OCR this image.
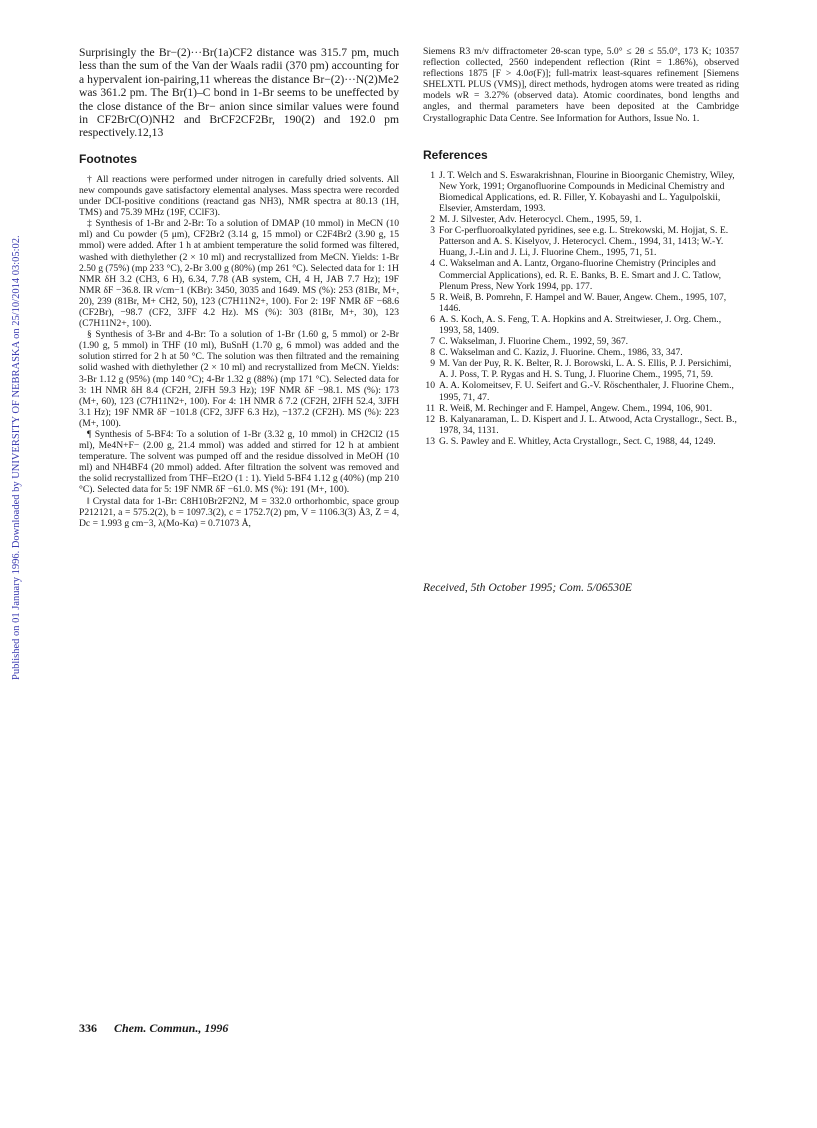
Published on 01 January 1996. Downloaded by UNIVERSITY OF NEBRASKA on 25/10/2014 03:05:02.

Surprisingly the Br−(2)···Br(1a)CF2 distance was 315.7 pm, much less than the sum of the Van der Waals radii (370 pm) accounting for a hypervalent ion-pairing,11 whereas the distance Br−(2)···N(2)Me2 was 361.2 pm. The Br(1)–C bond in 1-Br seems to be uneffected by the close distance of the Br− anion since similar values were found in CF2BrC(O)NH2 and BrCF2CF2Br, 190(2) and 192.0 pm respectively.12,13

Footnotes

† All reactions were performed under nitrogen in carefully dried solvents. All new compounds gave satisfactory elemental analyses. Mass spectra were recorded under DCI-positive conditions (reactand gas NH3), NMR spectra at 80.13 (1H, TMS) and 75.39 MHz (19F, CClF3).

‡ Synthesis of 1-Br and 2-Br: To a solution of DMAP (10 mmol) in MeCN (10 ml) and Cu powder (5 μm), CF2Br2 (3.14 g, 15 mmol) or C2F4Br2 (3.90 g, 15 mmol) were added. After 1 h at ambient temperature the solid formed was filtered, washed with diethylether (2 × 10 ml) and recrystallized from MeCN. Yields: 1-Br 2.50 g (75%) (mp 233 °C), 2-Br 3.00 g (80%) (mp 261 °C). Selected data for 1: 1H NMR δH 3.2 (CH3, 6 H), 6.34, 7.78 (AB system, CH, 4 H, JAB 7.7 Hz); 19F NMR δF −36.8. IR ν/cm−1 (KBr): 3450, 3035 and 1649. MS (%): 253 (81Br, M+, 20), 239 (81Br, M+ CH2, 50), 123 (C7H11N2+, 100). For 2: 19F NMR δF −68.6 (CF2Br), −98.7 (CF2, 3JFF 4.2 Hz). MS (%): 303 (81Br, M+, 30), 123 (C7H11N2+, 100).

§ Synthesis of 3-Br and 4-Br: To a solution of 1-Br (1.60 g, 5 mmol) or 2-Br (1.90 g, 5 mmol) in THF (10 ml), BuSnH (1.70 g, 6 mmol) was added and the solution stirred for 2 h at 50 °C. The solution was then filtrated and the remaining solid washed with diethylether (2 × 10 ml) and recrystallized from MeCN. Yields: 3-Br 1.12 g (95%) (mp 140 °C); 4-Br 1.32 g (88%) (mp 171 °C). Selected data for 3: 1H NMR δH 8.4 (CF2H, 2JFH 59.3 Hz); 19F NMR δF −98.1. MS (%): 173 (M+, 60), 123 (C7H11N2+, 100). For 4: 1H NMR δ 7.2 (CF2H, 2JFH 52.4, 3JFH 3.1 Hz); 19F NMR δF −101.8 (CF2, 3JFF 6.3 Hz), −137.2 (CF2H). MS (%): 223 (M+, 100).

¶ Synthesis of 5-BF4: To a solution of 1-Br (3.32 g, 10 mmol) in CH2Cl2 (15 ml), Me4N+F− (2.00 g, 21.4 mmol) was added and stirred for 12 h at ambient temperature. The solvent was pumped off and the residue dissolved in MeOH (10 ml) and NH4BF4 (20 mmol) added. After filtration the solvent was removed and the solid recrystallized from THF–Et2O (1 : 1). Yield 5-BF4 1.12 g (40%) (mp 210 °C). Selected data for 5: 19F NMR δF −61.0. MS (%): 191 (M+, 100).

‖ Crystal data for 1-Br: C8H10Br2F2N2, M = 332.0 orthorhombic, space group P212121, a = 575.2(2), b = 1097.3(2), c = 1752.7(2) pm, V = 1106.3(3) Å3, Z = 4, Dc = 1.993 g cm−3, λ(Mo-Kα) = 0.71073 Å,

Siemens R3 m/v diffractometer 2θ-scan type, 5.0° ≤ 2θ ≤ 55.0°, 173 K; 10357 reflection collected, 2560 independent reflection (Rint = 1.86%), observed reflections 1875 [F > 4.0σ(F)]; full-matrix least-squares refinement [Siemens SHELXTL PLUS (VMS)], direct methods, hydrogen atoms were treated as riding models wR = 3.27% (observed data). Atomic coordinates, bond lengths and angles, and thermal parameters have been deposited at the Cambridge Crystallographic Data Centre. See Information for Authors, Issue No. 1.

References
1 J. T. Welch and S. Eswarakrishnan, Flourine in Bioorganic Chemistry, Wiley, New York, 1991; Organofluorine Compounds in Medicinal Chemistry and Biomedical Applications, ed. R. Filler, Y. Kobayashi and L. Yagulpolskii, Elsevier, Amsterdam, 1993.
2 M. J. Silvester, Adv. Heterocycl. Chem., 1995, 59, 1.
3 For C-perfluoroalkylated pyridines, see e.g. L. Strekowski, M. Hojjat, S. E. Patterson and A. S. Kiselyov, J. Heterocycl. Chem., 1994, 31, 1413; W.-Y. Huang, J.-Lin and J. Li, J. Fluorine Chem., 1995, 71, 51.
4 C. Wakselman and A. Lantz, Organo-fluorine Chemistry (Principles and Commercial Applications), ed. R. E. Banks, B. E. Smart and J. C. Tatlow, Plenum Press, New York 1994, pp. 177.
5 R. Weiß, B. Pomrehn, F. Hampel and W. Bauer, Angew. Chem., 1995, 107, 1446.
6 A. S. Koch, A. S. Feng, T. A. Hopkins and A. Streitwieser, J. Org. Chem., 1993, 58, 1409.
7 C. Wakselman, J. Fluorine Chem., 1992, 59, 367.
8 C. Wakselman and C. Kaziz, J. Fluorine. Chem., 1986, 33, 347.
9 M. Van der Puy, R. K. Belter, R. J. Borowski, L. A. S. Ellis, P. J. Persichimi, A. J. Poss, T. P. Rygas and H. S. Tung, J. Fluorine Chem., 1995, 71, 59.
10 A. A. Kolomeitsev, F. U. Seifert and G.-V. Röschenthaler, J. Fluorine Chem., 1995, 71, 47.
11 R. Weiß, M. Rechinger and F. Hampel, Angew. Chem., 1994, 106, 901.
12 B. Kalyanaraman, L. D. Kispert and J. L. Atwood, Acta Crystallogr., Sect. B., 1978, 34, 1131.
13 G. S. Pawley and E. Whitley, Acta Crystallogr., Sect. C, 1988, 44, 1249.
Received, 5th October 1995; Com. 5/06530E
336 Chem. Commun., 1996
